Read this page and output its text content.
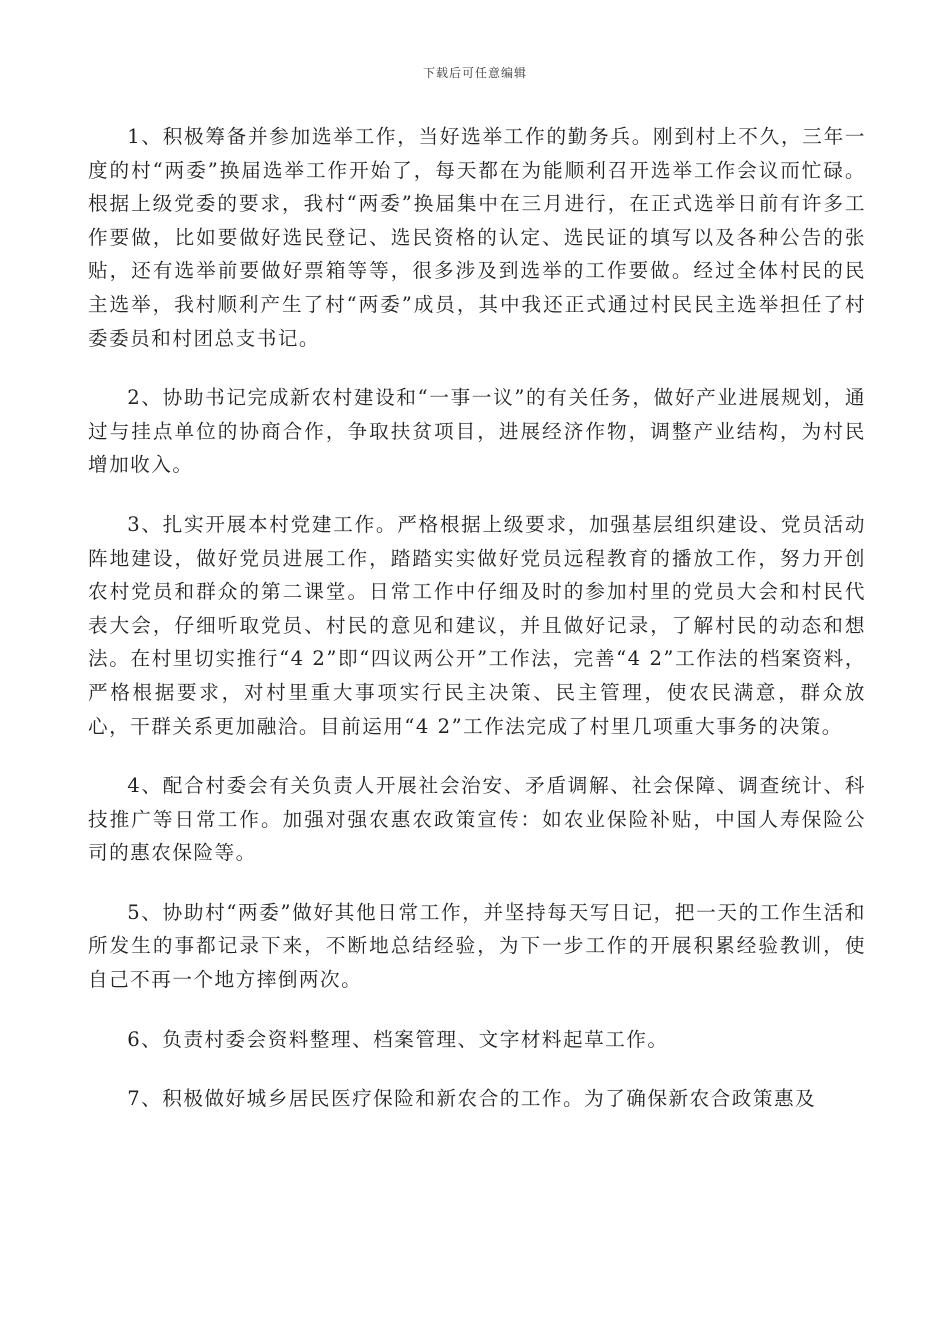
下载后可任意编辑

1、积极筹备并参加选举工作，当好选举工作的勤务兵。刚到村上不久，三年一度的村“两委”换届选举工作开始了，每天都在为能顺利召开选举工作会议而忙碌。根据上级党委的要求，我村“两委”换届集中在三月进行，在正式选举日前有许多工作要做，比如要做好选民登记、选民资格的认定、选民证的填写以及各种公告的张贴，还有选举前要做好票箱等等，很多涉及到选举的工作要做。经过全体村民的民主选举，我村顺利产生了村“两委”成员，其中我还正式通过村民民主选举担任了村委委员和村团总支书记。

2、协助书记完成新农村建设和“一事一议”的有关任务，做好产业进展规划，通过与挂点单位的协商合作，争取扶贫项目，进展经济作物，调整产业结构，为村民增加收入。

3、扎实开展本村党建工作。严格根据上级要求，加强基层组织建设、党员活动阵地建设，做好党员进展工作，踏踏实实做好党员远程教育的播放工作，努力开创农村党员和群众的第二课堂。日常工作中仔细及时的参加村里的党员大会和村民代表大会，仔细听取党员、村民的意见和建议，并且做好记录，了解村民的动态和想法。在村里切实推行“4 2”即“四议两公开”工作法，完善“4 2”工作法的档案资料，严格根据要求，对村里重大事项实行民主决策、民主管理，使农民满意，群众放心，干群关系更加融洽。目前运用“4 2”工作法完成了村里几项重大事务的决策。

4、配合村委会有关负责人开展社会治安、矛盾调解、社会保障、调查统计、科技推广等日常工作。加强对强农惠农政策宣传：如农业保险补贴，中国人寿保险公司的惠农保险等。

5、协助村“两委”做好其他日常工作，并坚持每天写日记，把一天的工作生活和所发生的事都记录下来，不断地总结经验，为下一步工作的开展积累经验教训，使自己不再一个地方摔倒两次。

6、负责村委会资料整理、档案管理、文字材料起草工作。

7、积极做好城乡居民医疗保险和新农合的工作。为了确保新农合政策惠及
